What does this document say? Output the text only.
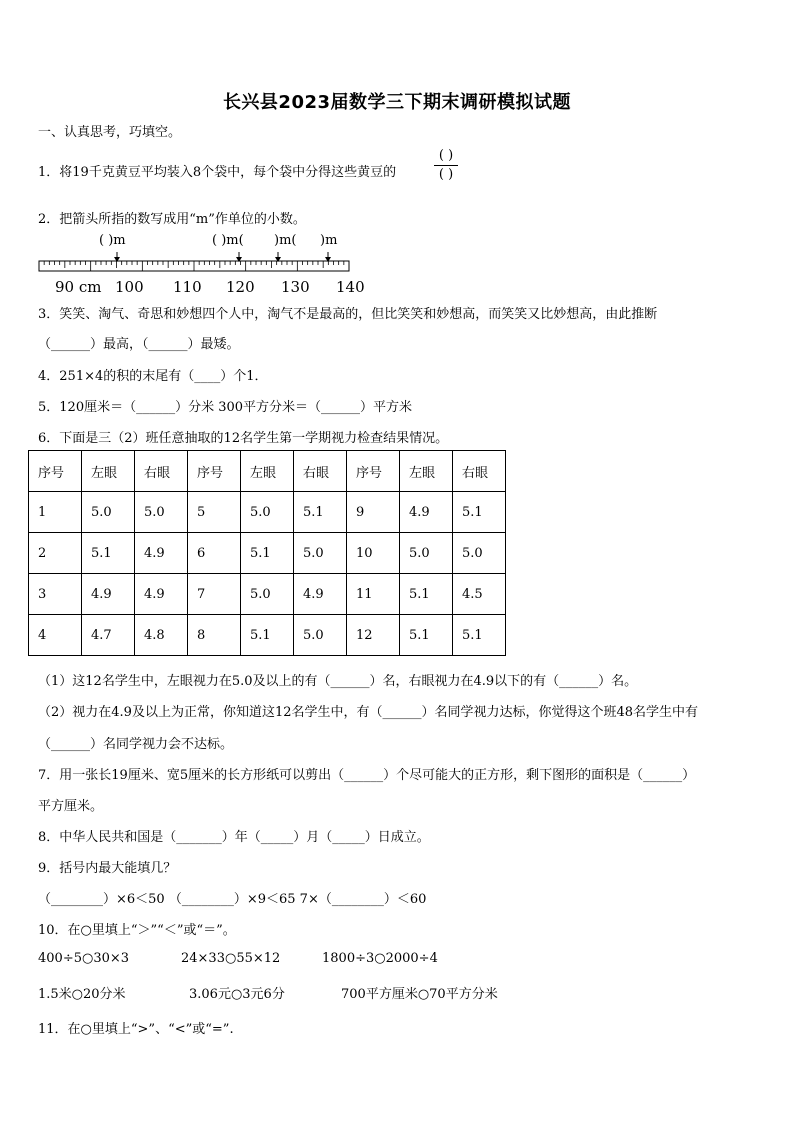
长兴县2023届数学三下期末调研模拟试题
一、认真思考，巧填空。
1．将19千克黄豆平均装入8个袋中，每个袋中分得这些黄豆的
( )
( )
2．把箭头所指的数写成用“m”作单位的小数。
( )m	( )m( )m( )m
90 cm 100 110 120 130 140
3．笑笑、淘气、奇思和妙想四个人中，淘气不是最高的，但比笑笑和妙想高，而笑笑又比妙想高，由此推断
（______）最高，（______）最矮。
4．251×4的积的末尾有（____）个1．
5．120厘米＝（______）分米 300平方分米＝（______）平方米
6．下面是三（2）班任意抽取的12名学生第一学期视力检查结果情况。
序号	左眼	右眼	序号	左眼	右眼	序号	左眼	右眼
1	5.0	5.0	5	5.0	5.1	9	4.9	5.1
2	5.1	4.9	6	5.1	5.0	10	5.0	5.0
3	4.9	4.9	7	5.0	4.9	11	5.1	4.5
4	4.7	4.8	8	5.1	5.0	12	5.1	5.1
（1）这12名学生中，左眼视力在5.0及以上的有（______）名，右眼视力在4.9以下的有（______）名。
（2）视力在4.9及以上为正常，你知道这12名学生中，有（______）名同学视力达标，你觉得这个班48名学生中有
（______）名同学视力会不达标。
7．用一张长19厘米、宽5厘米的长方形纸可以剪出（______）个尽可能大的正方形，剩下图形的面积是（______）
平方厘米。
8．中华人民共和国是（_______）年（_____）月（_____）日成立。
9．括号内最大能填几？
（________）×6＜50 （________）×9＜65 7×（________）＜60
10．在○里填上“＞”“＜”或“＝”。
400÷5○30×3	24×33○55×12	1800÷3○2000÷4
1.5米○20分米	3.06元○3元6分	700平方厘米○70平方分米
11．在○里填上“>”、“<”或“=”.
